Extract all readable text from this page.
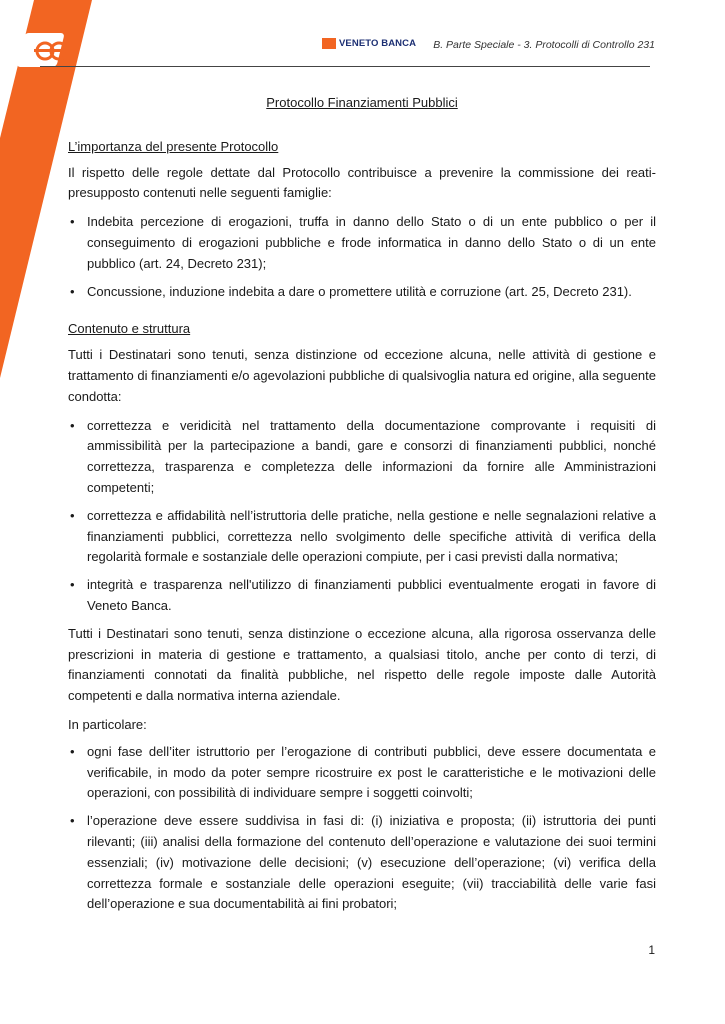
VENETO BANCA B. Parte Speciale - 3. Protocolli di Controllo 231

Protocollo Finanziamenti Pubblici

L’importanza del presente Protocollo

Il rispetto delle regole dettate dal Protocollo contribuisce a prevenire la commissione dei reati-presupposto contenuti nelle seguenti famiglie:

• Indebita percezione di erogazioni, truffa in danno dello Stato o di un ente pubblico o per il conseguimento di erogazioni pubbliche e frode informatica in danno dello Stato o di un ente pubblico (art. 24, Decreto 231);
• Concussione, induzione indebita a dare o promettere utilità e corruzione (art. 25, Decreto 231).

Contenuto e struttura

Tutti i Destinatari sono tenuti, senza distinzione od eccezione alcuna, nelle attività di gestione e trattamento di finanziamenti e/o agevolazioni pubbliche di qualsivoglia natura ed origine, alla seguente condotta:

• correttezza e veridicità nel trattamento della documentazione comprovante i requisiti di ammissibilità per la partecipazione a bandi, gare e consorzi di finanziamenti pubblici, nonché correttezza, trasparenza e completezza delle informazioni da fornire alle Amministrazioni competenti;
• correttezza e affidabilità nell’istruttoria delle pratiche, nella gestione e nelle segnalazioni relative a finanziamenti pubblici, correttezza nello svolgimento delle specifiche attività di verifica della regolarità formale e sostanziale delle operazioni compiute, per i casi previsti dalla normativa;
• integrità e trasparenza nell'utilizzo di finanziamenti pubblici eventualmente erogati in favore di Veneto Banca.

Tutti i Destinatari sono tenuti, senza distinzione o eccezione alcuna, alla rigorosa osservanza delle prescrizioni in materia di gestione e trattamento, a qualsiasi titolo, anche per conto di terzi, di finanziamenti connotati da finalità pubbliche, nel rispetto delle regole imposte dalle Autorità competenti e dalla normativa interna aziendale.

In particolare:

• ogni fase dell’iter istruttorio per l’erogazione di contributi pubblici, deve essere documentata e verificabile, in modo da poter sempre ricostruire ex post le caratteristiche e le motivazioni delle operazioni, con possibilità di individuare sempre i soggetti coinvolti;
• l’operazione deve essere suddivisa in fasi di: (i) iniziativa e proposta; (ii) istruttoria dei punti rilevanti; (iii) analisi della formazione del contenuto dell’operazione e valutazione dei suoi termini essenziali; (iv) motivazione delle decisioni; (v) esecuzione dell’operazione; (vi) verifica della correttezza formale e sostanziale delle operazioni eseguite; (vii) tracciabilità delle varie fasi dell’operazione e sua documentabilità ai fini probatori;
1
